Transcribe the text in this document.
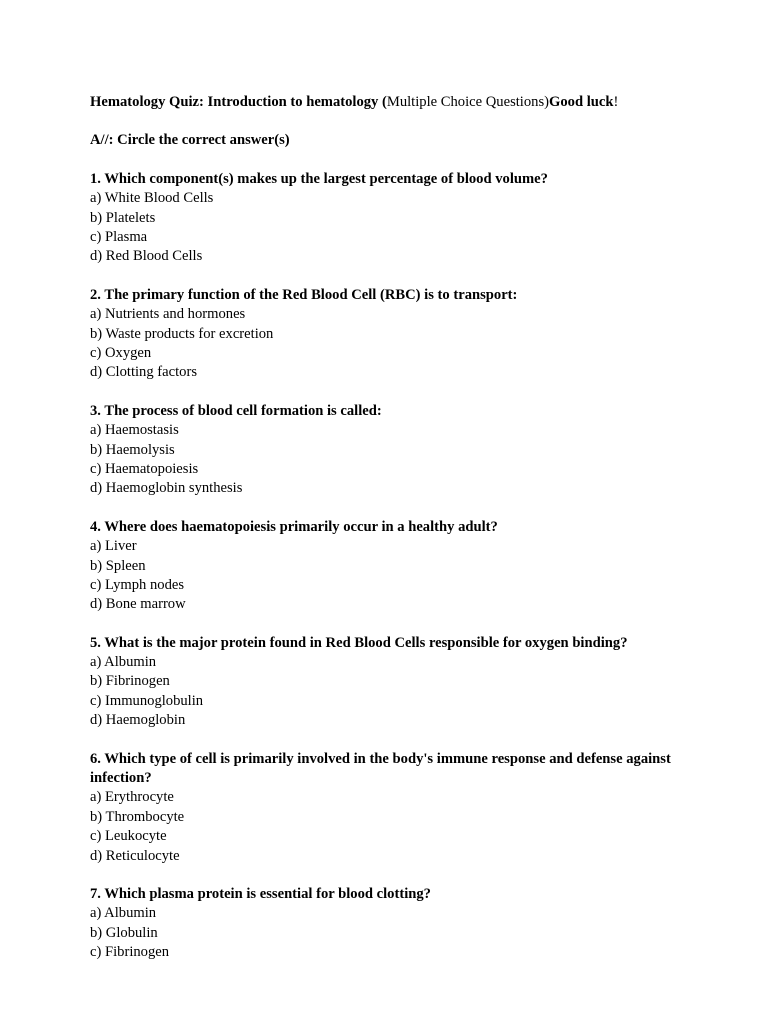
Hematology Quiz: Introduction to hematology (Multiple Choice Questions)Good luck!

A//: Circle the correct answer(s)

1. Which component(s) makes up the largest percentage of blood volume?

a) White Blood Cells
b) Platelets
c) Plasma
d) Red Blood Cells

2. The primary function of the Red Blood Cell (RBC) is to transport:

a) Nutrients and hormones
b) Waste products for excretion
c) Oxygen
d) Clotting factors

3. The process of blood cell formation is called:

a) Haemostasis
b) Haemolysis
c) Haematopoiesis
d) Haemoglobin synthesis

4. Where does haematopoiesis primarily occur in a healthy adult?

a) Liver
b) Spleen
c) Lymph nodes
d) Bone marrow

5. What is the major protein found in Red Blood Cells responsible for oxygen binding?

a) Albumin
b) Fibrinogen
c) Immunoglobulin
d) Haemoglobin

6. Which type of cell is primarily involved in the body's immune response and defense against infection?

a) Erythrocyte
b) Thrombocyte
c) Leukocyte
d) Reticulocyte

7. Which plasma protein is essential for blood clotting?

a) Albumin
b) Globulin
c) Fibrinogen
